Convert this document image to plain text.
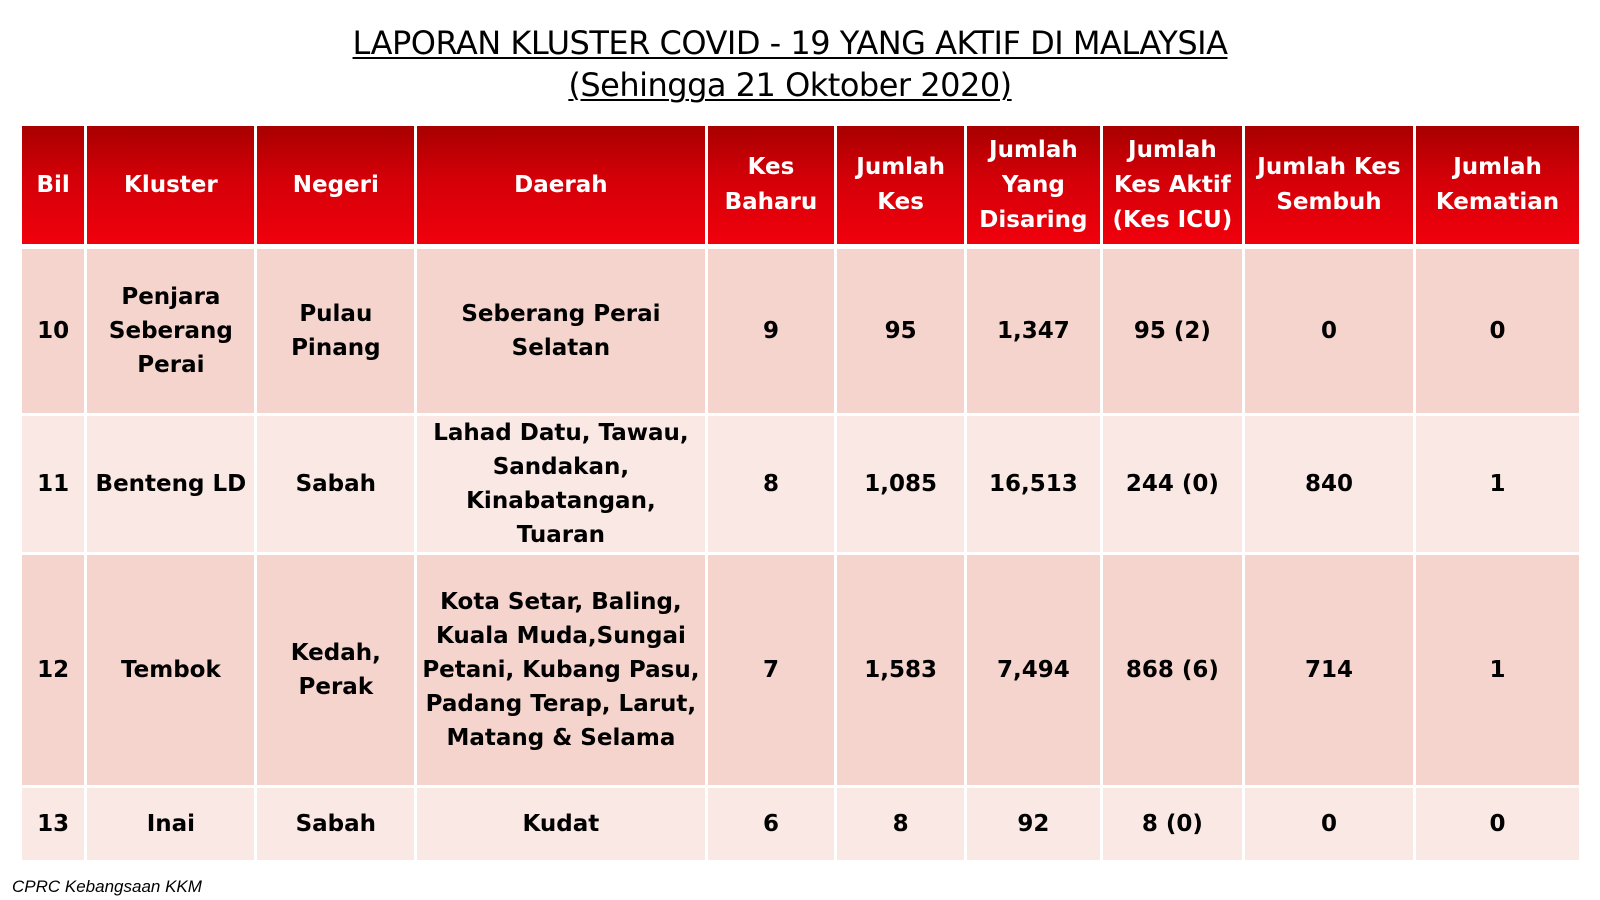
LAPORAN KLUSTER COVID - 19 YANG AKTIF DI MALAYSIA
(Sehingga 21 Oktober 2020)
Bil	Kluster	Negeri	Daerah	Kes Baharu	Jumlah Kes	Jumlah Yang Disaring	Jumlah Kes Aktif (Kes ICU)	Jumlah Kes Sembuh	Jumlah Kematian
10	Penjara Seberang Perai	Pulau Pinang	Seberang Perai Selatan	9	95	1,347	95 (2)	0	0
11	Benteng LD	Sabah	Lahad Datu, Tawau, Sandakan, Kinabatangan, Tuaran	8	1,085	16,513	244 (0)	840	1
12	Tembok	Kedah, Perak	Kota Setar, Baling, Kuala Muda,Sungai Petani, Kubang Pasu, Padang Terap, Larut, Matang & Selama	7	1,583	7,494	868 (6)	714	1
13	Inai	Sabah	Kudat	6	8	92	8 (0)	0	0
CPRC Kebangsaan KKM
